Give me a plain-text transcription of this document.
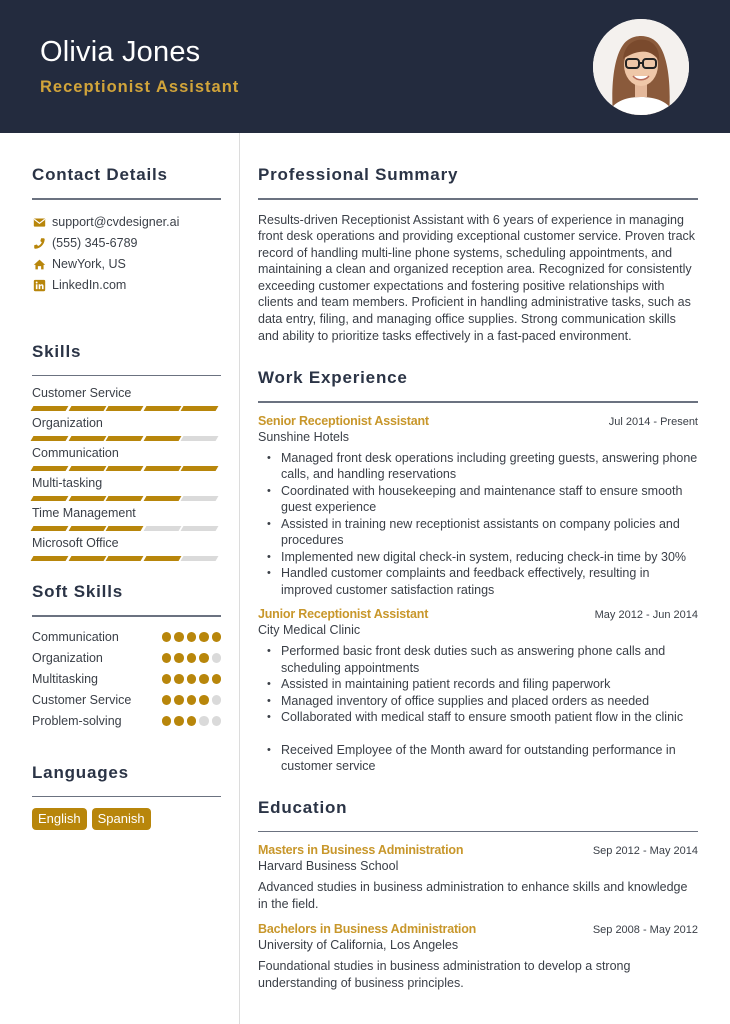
Olivia Jones
Receptionist Assistant
Contact Details
support@cvdesigner.ai
(555) 345-6789
NewYork, US
LinkedIn.com
Skills
Customer Service
Organization
Communication
Multi-tasking
Time Management
Microsoft Office
Soft Skills
Communication
Organization
Multitasking
Customer Service
Problem-solving
Languages
English	Spanish
Professional Summary

Results-driven Receptionist Assistant with 6 years of experience in managing front desk operations and providing exceptional customer service. Proven track record of handling multi-line phone systems, scheduling appointments, and maintaining a clean and organized reception area. Recognized for consistently exceeding customer expectations and fostering positive relationships with clients and team members. Proficient in handling administrative tasks, such as data entry, filing, and managing office supplies. Strong communication skills and ability to prioritize tasks effectively in a fast-paced environment.

Work Experience
Senior Receptionist Assistant	Jul 2014 - Present
Sunshine Hotels
• Managed front desk operations including greeting guests, answering phone calls, and handling reservations
• Coordinated with housekeeping and maintenance staff to ensure smooth guest experience
• Assisted in training new receptionist assistants on company policies and procedures
• Implemented new digital check-in system, reducing check-in time by 30%
• Handled customer complaints and feedback effectively, resulting in improved customer satisfaction ratings
Junior Receptionist Assistant	May 2012 - Jun 2014
City Medical Clinic
• Performed basic front desk duties such as answering phone calls and scheduling appointments
• Assisted in maintaining patient records and filing paperwork
• Managed inventory of office supplies and placed orders as needed
• Collaborated with medical staff to ensure smooth patient flow in the clinic
• Received Employee of the Month award for outstanding performance in customer service
Education
Masters in Business Administration	Sep 2012 - May 2014
Harvard Business School
Advanced studies in business administration to enhance skills and knowledge in the field.
Bachelors in Business Administration	Sep 2008 - May 2012
University of California, Los Angeles
Foundational studies in business administration to develop a strong understanding of business principles.
